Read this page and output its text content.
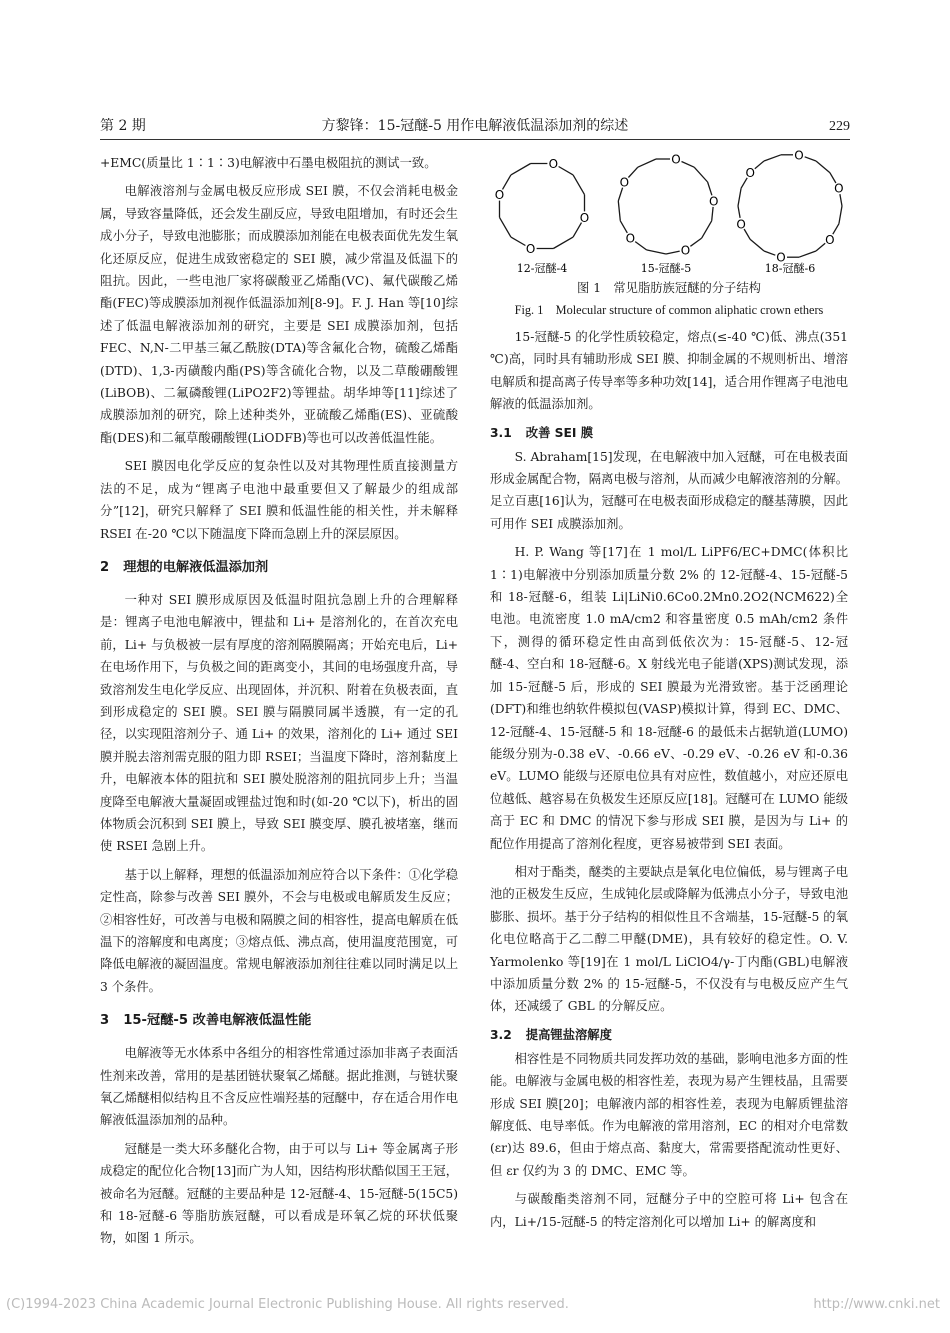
第 2 期	方黎锋：15-冠醚-5 用作电解液低温添加剂的综述	229

+EMC(质量比 1∶1∶3)电解液中石墨电极阻抗的测试一致。

电解液溶剂与金属电极反应形成 SEI 膜，不仅会消耗电极金属，导致容量降低，还会发生副反应，导致电阻增加，有时还会生成小分子，导致电池膨胀；而成膜添加剂能在电极表面优先发生氧化还原反应，促进生成致密稳定的 SEI 膜，减少常温及低温下的阻抗。因此，一些电池厂家将碳酸亚乙烯酯(VC)、氟代碳酸乙烯酯(FEC)等成膜添加剂视作低温添加剂[8-9]。F. J. Han 等[10]综述了低温电解液添加剂的研究，主要是 SEI 成膜添加剂，包括 FEC、N,N-二甲基三氟乙酰胺(DTA)等含氟化合物，硫酸乙烯酯(DTD)、1,3-丙磺酸内酯(PS)等含硫化合物，以及二草酸硼酸锂(LiBOB)、二氟磷酸锂(LiPO2F2)等锂盐。胡华坤等[11]综述了成膜添加剂的研究，除上述种类外，亚硫酸乙烯酯(ES)、亚硫酸酯(DES)和二氟草酸硼酸锂(LiODFB)等也可以改善低温性能。

SEI 膜因电化学反应的复杂性以及对其物理性质直接测量方法的不足，成为“锂离子电池中最重要但又了解最少的组成部分”[12]，研究只解释了 SEI 膜和低温性能的相关性，并未解释 RSEI 在-20 ℃以下随温度下降而急剧上升的深层原因。

2 理想的电解液低温添加剂

一种对 SEI 膜形成原因及低温时阻抗急剧上升的合理解释是：锂离子电池电解液中，锂盐和 Li+ 是溶剂化的，在首次充电前，Li+ 与负极被一层有厚度的溶剂隔膜隔离；开始充电后，Li+ 在电场作用下，与负极之间的距离变小，其间的电场强度升高，导致溶剂发生电化学反应、出现固体，并沉积、附着在负极表面，直到形成稳定的 SEI 膜。SEI 膜与隔膜同属半透膜，有一定的孔径，以实现阻溶剂分子、通 Li+ 的效果，溶剂化的 Li+ 通过 SEI 膜并脱去溶剂需克服的阻力即 RSEI；当温度下降时，溶剂黏度上升，电解液本体的阻抗和 SEI 膜处脱溶剂的阻抗同步上升；当温度降至电解液大量凝固或锂盐过饱和时(如-20 ℃以下)，析出的固体物质会沉积到 SEI 膜上，导致 SEI 膜变厚、膜孔被堵塞，继而使 RSEI 急剧上升。

基于以上解释，理想的低温添加剂应符合以下条件：①化学稳定性高，除参与改善 SEI 膜外，不会与电极或电解质发生反应；②相容性好，可改善与电极和隔膜之间的相容性，提高电解质在低温下的溶解度和电离度；③熔点低、沸点高，使用温度范围宽，可降低电解液的凝固温度。常规电解液添加剂往往难以同时满足以上 3 个条件。

3 15-冠醚-5 改善电解液低温性能

电解液等无水体系中各组分的相容性常通过添加非离子表面活性剂来改善，常用的是基团链状聚氧乙烯醚。据此推测，与链状聚氧乙烯醚相似结构且不含反应性端羟基的冠醚中，存在适合用作电解液低温添加剂的品种。

冠醚是一类大环多醚化合物，由于可以与 Li+ 等金属离子形成稳定的配位化合物[13]而广为人知，因结构形状酷似国王王冠，被命名为冠醚。冠醚的主要品种是 12-冠醚-4、15-冠醚-5(15C5)和 18-冠醚-6 等脂肪族冠醚，可以看成是环氧乙烷的环状低聚物，如图 1 所示。

O
O
O
O
O
O
O
O
O
O
O
O
O
O
O
12-冠醚-4	15-冠醚-5	18-冠醚-6
图 1　常见脂肪族冠醚的分子结构
Fig. 1　Molecular structure of common aliphatic crown ethers

15-冠醚-5 的化学性质较稳定，熔点(≤-40 ℃)低、沸点(351 ℃)高，同时具有辅助形成 SEI 膜、抑制金属的不规则析出、增溶电解质和提高离子传导率等多种功效[14]，适合用作锂离子电池电解液的低温添加剂。

3.1 改善 SEI 膜

S. Abraham[15]发现，在电解液中加入冠醚，可在电极表面形成金属配合物，隔离电极与溶剂，从而减少电解液溶剂的分解。足立百惠[16]认为，冠醚可在电极表面形成稳定的醚基薄膜，因此可用作 SEI 成膜添加剂。

H. P. Wang 等[17]在 1 mol/L LiPF6/EC+DMC(体积比 1∶1)电解液中分别添加质量分数 2% 的 12-冠醚-4、15-冠醚-5 和 18-冠醚-6，组装 Li|LiNi0.6Co0.2Mn0.2O2(NCM622)全电池。电流密度 1.0 mA/cm2 和容量密度 0.5 mAh/cm2 条件下，测得的循环稳定性由高到低依次为：15-冠醚-5、12-冠醚-4、空白和 18-冠醚-6。X 射线光电子能谱(XPS)测试发现，添加 15-冠醚-5 后，形成的 SEI 膜最为光滑致密。基于泛函理论(DFT)和维也纳软件模拟包(VASP)模拟计算，得到 EC、DMC、12-冠醚-4、15-冠醚-5 和 18-冠醚-6 的最低未占据轨道(LUMO)能级分别为-0.38 eV、-0.66 eV、-0.29 eV、-0.26 eV 和-0.36 eV。LUMO 能级与还原电位具有对应性，数值越小，对应还原电位越低、越容易在负极发生还原反应[18]。冠醚可在 LUMO 能级高于 EC 和 DMC 的情况下参与形成 SEI 膜，是因为与 Li+ 的配位作用提高了溶剂化程度，更容易被带到 SEI 表面。

相对于酯类，醚类的主要缺点是氧化电位偏低，易与锂离子电池的正极发生反应，生成钝化层或降解为低沸点小分子，导致电池膨胀、损坏。基于分子结构的相似性且不含端基，15-冠醚-5 的氧化电位略高于乙二醇二甲醚(DME)，具有较好的稳定性。O. V. Yarmolenko 等[19]在 1 mol/L LiClO4/γ-丁内酯(GBL)电解液中添加质量分数 2% 的 15-冠醚-5，不仅没有与电极反应产生气体，还减缓了 GBL 的分解反应。

3.2 提高锂盐溶解度

相容性是不同物质共同发挥功效的基础，影响电池多方面的性能。电解液与金属电极的相容性差，表现为易产生锂枝晶，且需要形成 SEI 膜[20]；电解液内部的相容性差，表现为电解质锂盐溶解度低、电导率低。作为电解液的常用溶剂，EC 的相对介电常数(εr)达 89.6，但由于熔点高、黏度大，常需要搭配流动性更好、但 εr 仅约为 3 的 DMC、EMC 等。

与碳酸酯类溶剂不同，冠醚分子中的空腔可将 Li+ 包含在内，Li+/15-冠醚-5 的特定溶剂化可以增加 Li+ 的解离度和

(C)1994-2023 China Academic Journal Electronic Publishing House. All rights reserved.	http://www.cnki.net
